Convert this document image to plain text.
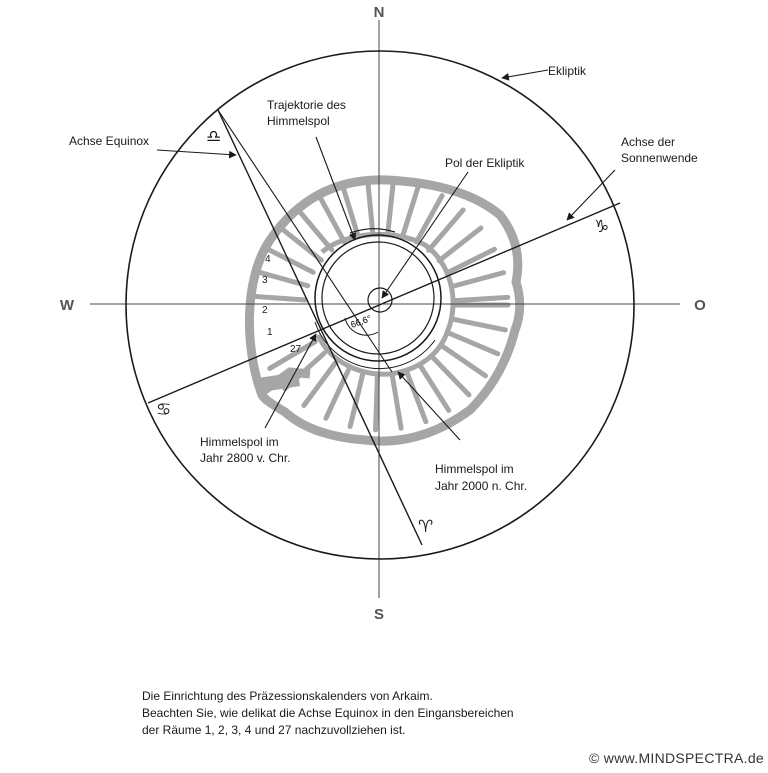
N
S
W	O
66,6°
♎
♑
♋
♈
4
3
2
1
27
Ekliptik
Trajektorie des
Himmelspol
Achse Equinox
Pol der Ekliptik
Achse der
Sonnenwende
Himmelspol im
Jahr 2800 v. Chr.
Himmelspol im
Jahr 2000 n. Chr.
Die Einrichtung des Präzessionskalenders von Arkaim.
Beachten Sie, wie delikat die Achse Equinox in den Eingansbereichen
der Räume 1, 2, 3, 4 und 27 nachzuvollziehen ist.
© www.MINDSPECTRA.de
